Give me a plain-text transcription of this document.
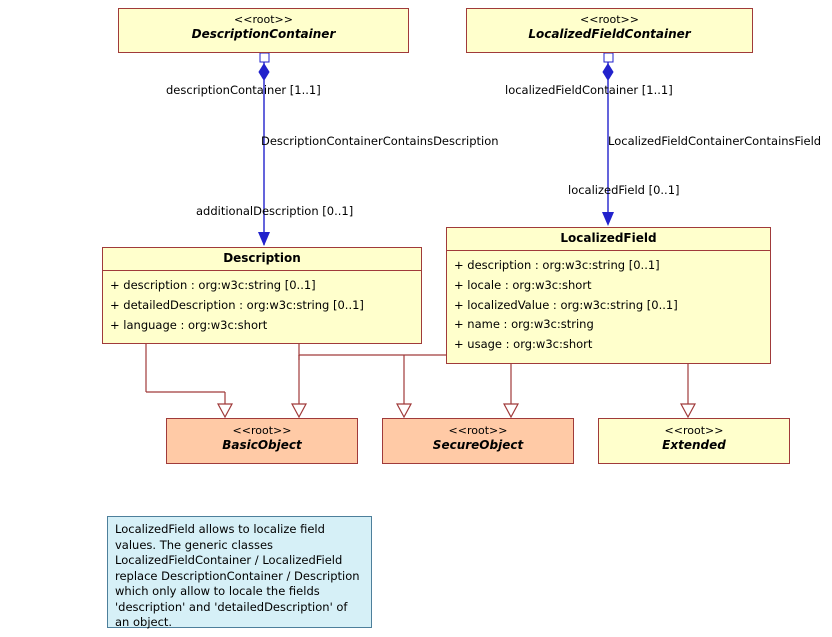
<<root>>
DescriptionContainer
<<root>>
LocalizedFieldContainer
Description
+ description : org:w3c:string [0..1]
+ detailedDescription : org:w3c:string [0..1]
+ language : org:w3c:short
LocalizedField
+ description : org:w3c:string [0..1]
+ locale : org:w3c:short
+ localizedValue : org:w3c:string [0..1]
+ name : org:w3c:string
+ usage : org:w3c:short
<<root>>
BasicObject
<<root>>
SecureObject
<<root>>
Extended
descriptionContainer [1..1]	localizedFieldContainer [1..1]
DescriptionContainerContainsDescription	LocalizedFieldContainerContainsField
additionalDescription [0..1]
localizedField [0..1]
LocalizedField allows to localize field values. The generic classes LocalizedFieldContainer / LocalizedField replace DescriptionContainer / Description which only allow to locale the fields 'description' and 'detailedDescription' of an object.
